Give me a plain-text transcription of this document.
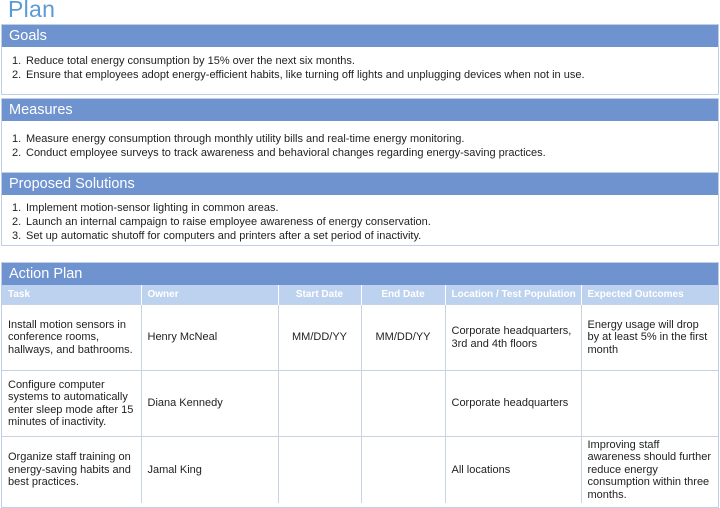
Plan
Goals
1. Reduce total energy consumption by 15% over the next six months.
2. Ensure that employees adopt energy-efficient habits, like turning off lights and unplugging devices when not in use.
Measures
1. Measure energy consumption through monthly utility bills and real-time energy monitoring.
2. Conduct employee surveys to track awareness and behavioral changes regarding energy-saving practices.
Proposed Solutions
1. Implement motion-sensor lighting in common areas.
2. Launch an internal campaign to raise employee awareness of energy conservation.
3. Set up automatic shutoff for computers and printers after a set period of inactivity.
Action Plan
Task	Owner	Start Date	End Date	Location / Test Population	Expected Outcomes
Install motion sensors in conference rooms, hallways, and bathrooms.	Henry McNeal	MM/DD/YY	MM/DD/YY	Corporate headquarters, 3rd and 4th floors	Energy usage will drop by at least 5% in the first month
Configure computer systems to automatically enter sleep mode after 15 minutes of inactivity.	Diana Kennedy			Corporate headquarters	
Organize staff training on energy-saving habits and best practices.	Jamal King			All locations	Improving staff awareness should further reduce energy consumption within three months.
